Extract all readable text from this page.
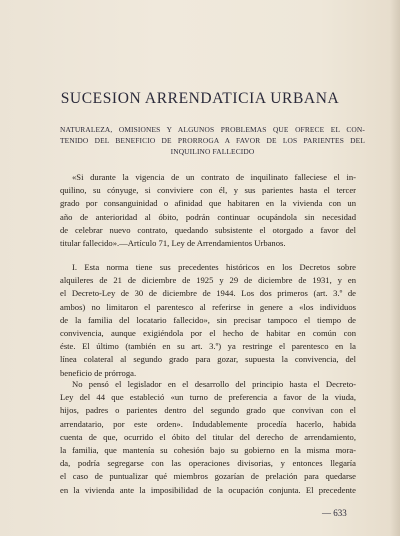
SUCESION ARRENDATICIA URBANA
NATURALEZA, OMISIONES Y ALGUNOS PROBLEMAS QUE OFRECE EL CON-
TENIDO DEL BENEFICIO DE PRORROGA A FAVOR DE LOS PARIENTES DEL
INQUILINO FALLECIDO
«Si durante la vigencia de un contrato de inquilinato falleciese el in-
quilino, su cónyuge, si conviviere con él, y sus parientes hasta el tercer
grado por consanguinidad o afinidad que habitaren en la vivienda con un
año de anterioridad al óbito, podrán continuar ocupándola sin necesidad
de celebrar nuevo contrato, quedando subsistente el otorgado a favor del
titular fallecido».—Artículo 71, Ley de Arrendamientos Urbanos.
I. Esta norma tiene sus precedentes históricos en los Decretos sobre
alquileres de 21 de diciembre de 1925 y 29 de diciembre de 1931, y en
el Decreto-Ley de 30 de diciembre de 1944. Los dos primeros (art. 3.º de
ambos) no limitaron el parentesco al referirse in genere a «los individuos
de la familia del locatario fallecido», sin precisar tampoco el tiempo de
convivencia, aunque exigiéndola por el hecho de habitar en común con
éste. El último (también en su art. 3.º) ya restringe el parentesco en la
línea colateral al segundo grado para gozar, supuesta la convivencia, del
beneficio de prórroga.
No pensó el legislador en el desarrollo del principio hasta el Decreto-
Ley del 44 que estableció «un turno de preferencia a favor de la viuda,
hijos, padres o parientes dentro del segundo grado que convivan con el
arrendatario, por este orden». Indudablemente procedía hacerlo, habida
cuenta de que, ocurrido el óbito del titular del derecho de arrendamiento,
la familia, que mantenía su cohesión bajo su gobierno en la misma mora-
da, podría segregarse con las operaciones divisorias, y entonces llegaría
el caso de puntualizar qué miembros gozarían de prelación para quedarse
en la vivienda ante la imposibilidad de la ocupación conjunta. El precedente
— 633
